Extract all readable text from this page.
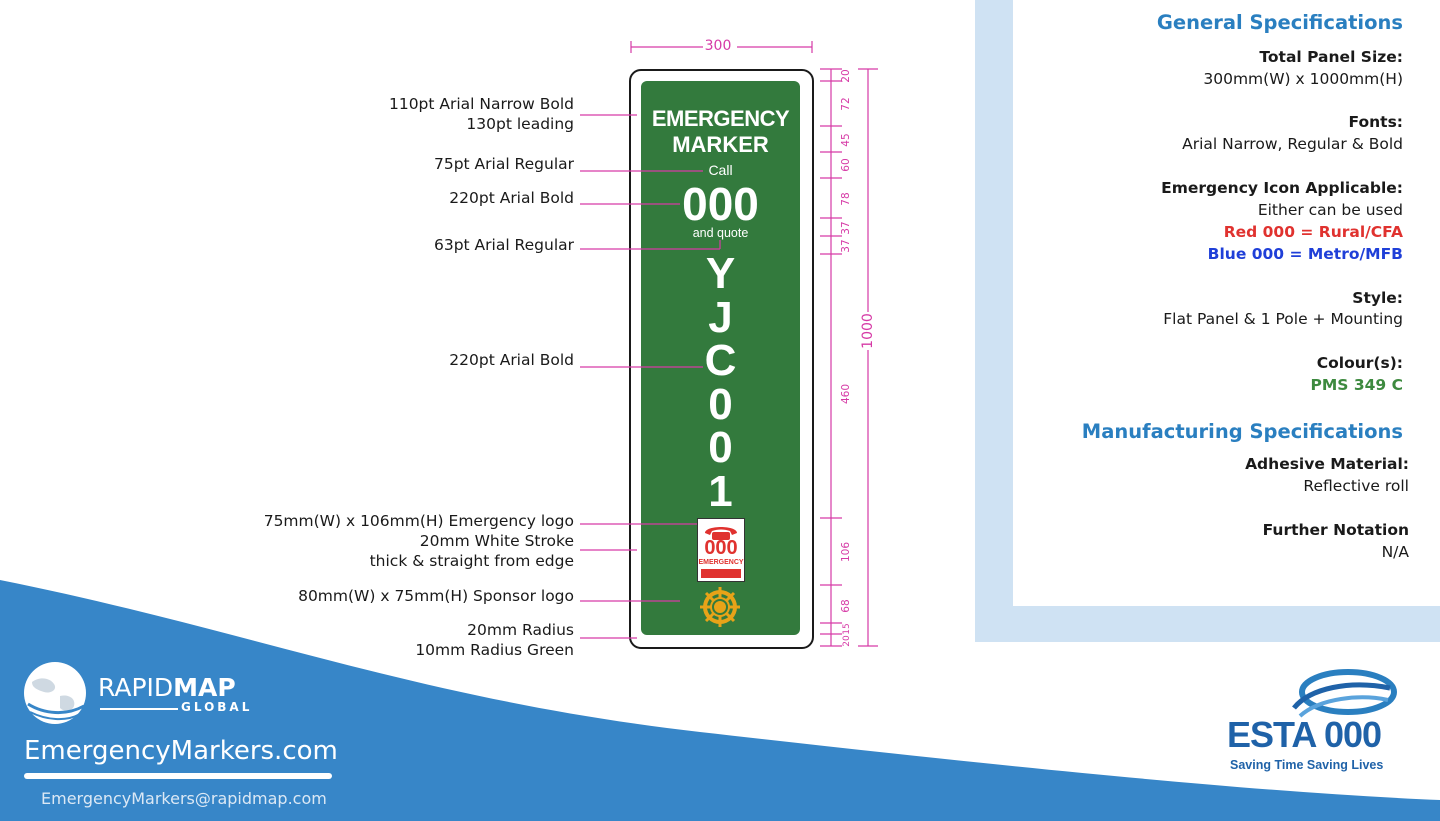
General Specifications
Total Panel Size:
300mm(W) x 1000mm(H)
Fonts:
Arial Narrow, Regular & Bold
Emergency Icon Applicable:
Either can be used
Red 000 = Rural/CFA
Blue 000 = Metro/MFB
Style:
Flat Panel & 1 Pole + Mounting
Colour(s):
PMS 349 C
Manufacturing Specifications
Adhesive Material:
Reflective roll
Further Notation
N/A
110pt Arial Narrow Bold
130pt leading
75pt Arial Regular
220pt Arial Bold
63pt Arial Regular
220pt Arial Bold
75mm(W) x 106mm(H) Emergency logo
20mm White Stroke
thick & straight from edge
80mm(W) x 75mm(H) Sponsor logo
20mm Radius
10mm Radius Green
EMERGENCY
MARKER
Call
000
and quote
Y
J
C
0
0
1
000
EMERGENCY
300
1000
20
72
45
60
78
37
37
460
106
68
20
15
RAPIDMAP
GLOBAL
EmergencyMarkers.com
EmergencyMarkers@rapidmap.com
ESTA 000
Saving Time Saving Lives
